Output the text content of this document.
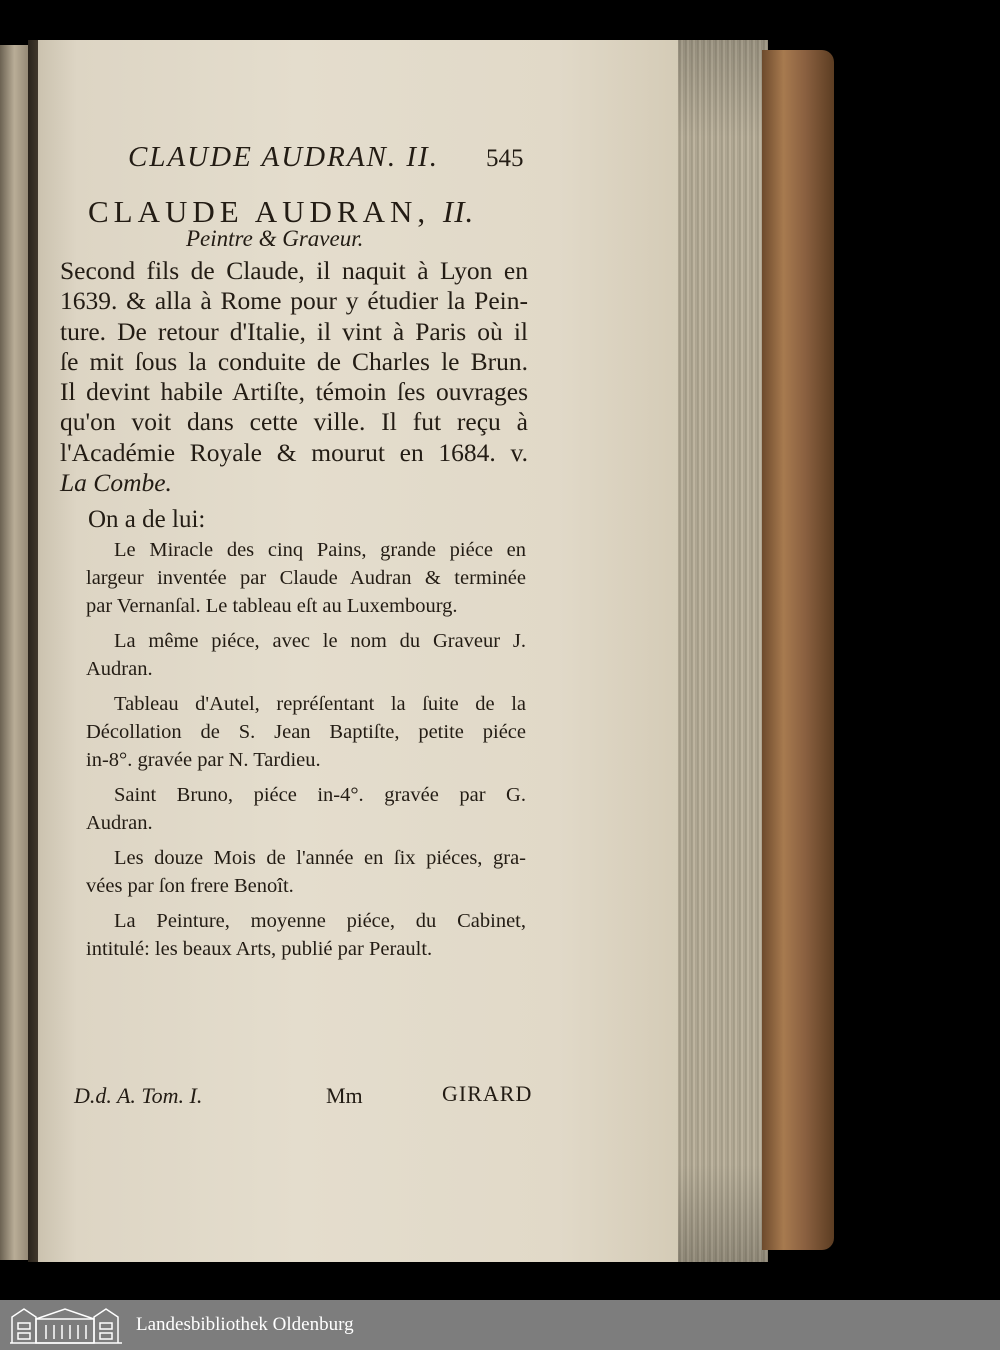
CLAUDE AUDRAN. II. 545
CLAUDE AUDRAN, II.
Peintre & Graveur.
Second fils de Claude, il naquit à Lyon en
1639. & alla à Rome pour y étudier la Pein-
ture. De retour d'Italie, il vint à Paris où il
ſe mit ſous la conduite de Charles le Brun.
Il devint habile Artiſte, témoin ſes ouvrages
qu'on voit dans cette ville. Il fut reçu à
l'Académie Royale & mourut en 1684. v.
La Combe.
On a de lui:
Le Miracle des cinq Pains, grande piéce en
largeur inventée par Claude Audran & terminée
par Vernanſal. Le tableau eſt au Luxembourg.
La même piéce, avec le nom du Graveur J.
Audran.
Tableau d'Autel, repréſentant la ſuite de la
Décollation de S. Jean Baptiſte, petite piéce
in-8°. gravée par N. Tardieu.
Saint Bruno, piéce in-4°. gravée par G.
Audran.
Les douze Mois de l'année en ſix piéces, gra-
vées par ſon frere Benoît.
La Peinture, moyenne piéce, du Cabinet,
intitulé: les beaux Arts, publié par Perault.
D.d. A. Tom. I.	Mm	GIRARD
Landesbibliothek Oldenburg
